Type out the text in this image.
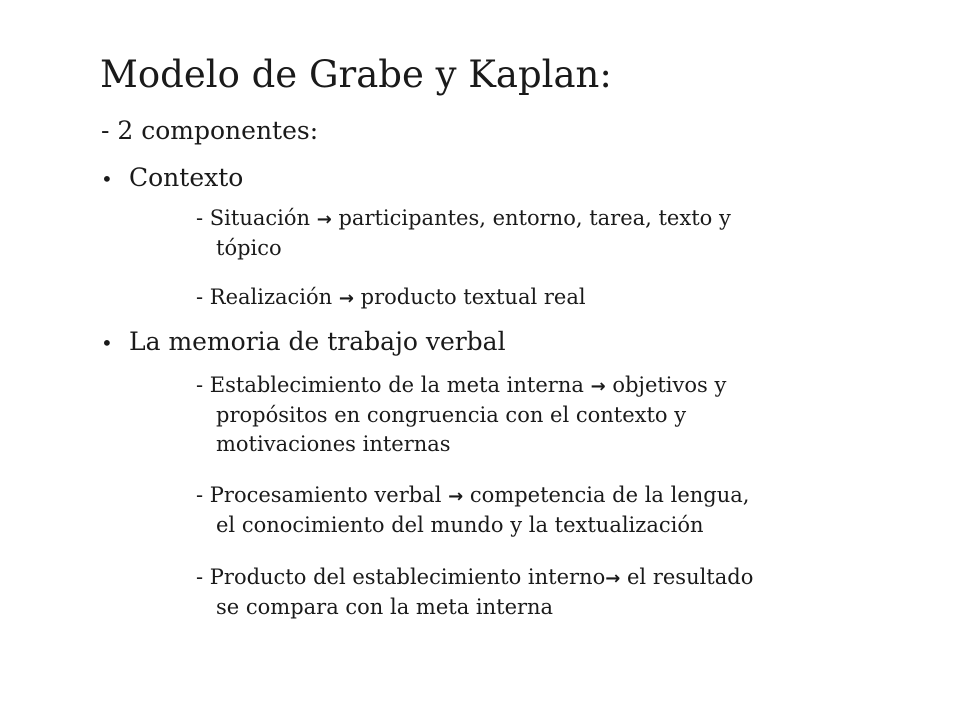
Modelo de Grabe y Kaplan:
- 2 componentes:
• Contexto
- Situación → participantes, entorno, tarea, texto y
tópico
- Realización → producto textual real
• La memoria de trabajo verbal
- Establecimiento de la meta interna → objetivos y
propósitos en congruencia con el contexto y
motivaciones internas
- Procesamiento verbal → competencia de la lengua,
el conocimiento del mundo y la textualización
- Producto del establecimiento interno→ el resultado
se compara con la meta interna
